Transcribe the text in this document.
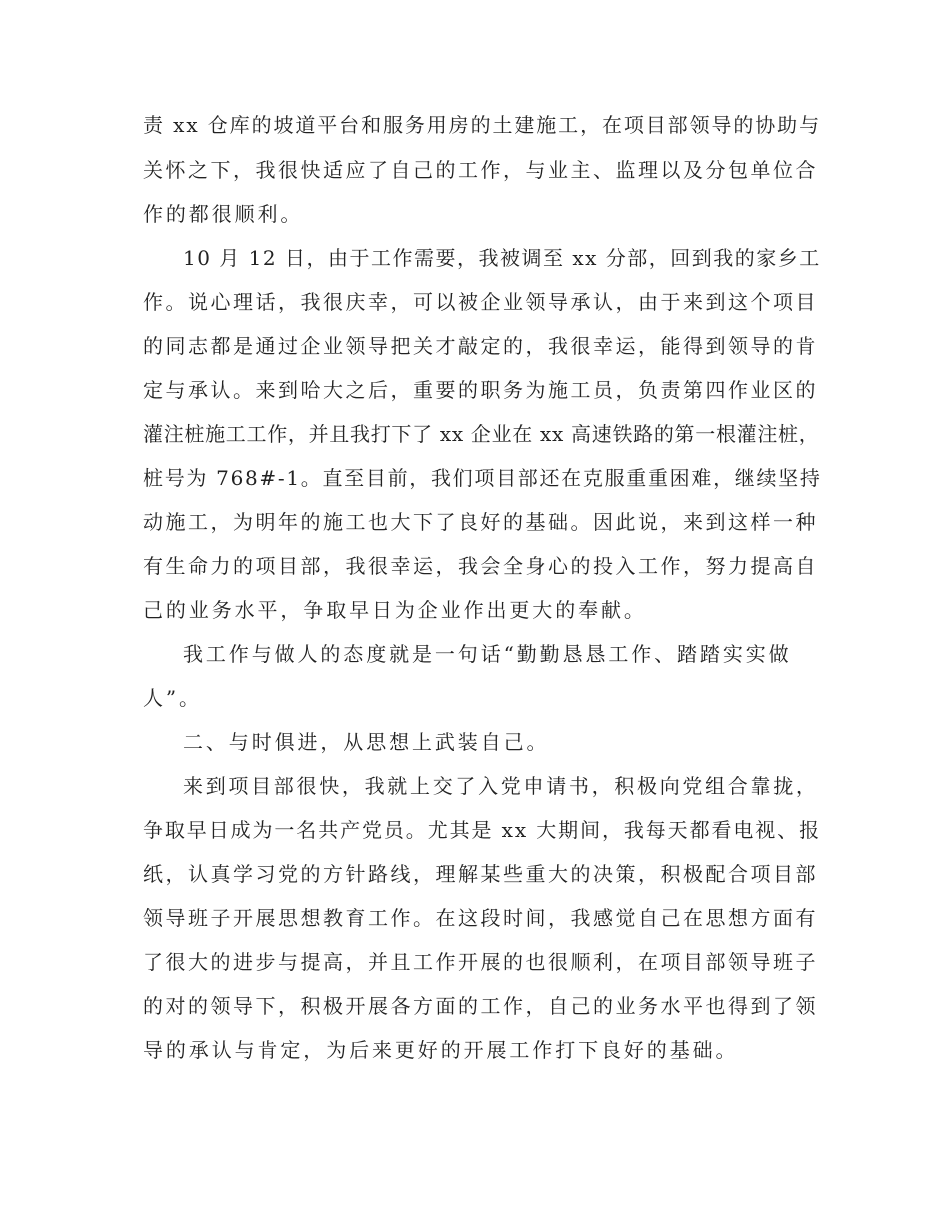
责 xx 仓库的坡道平台和服务用房的土建施工，在项目部领导的协助与
关怀之下，我很快适应了自己的工作，与业主、监理以及分包单位合
作的都很顺利。
10 月 12 日，由于工作需要，我被调至 xx 分部，回到我的家乡工
作。说心理话，我很庆幸，可以被企业领导承认，由于来到这个项目
的同志都是通过企业领导把关才敲定的，我很幸运，能得到领导的肯
定与承认。来到哈大之后，重要的职务为施工员，负责第四作业区的
灌注桩施工工作，并且我打下了 xx 企业在 xx 高速铁路的第一根灌注桩，
桩号为 768#-1。直至目前，我们项目部还在克服重重困难，继续坚持
动施工，为明年的施工也大下了良好的基础。因此说，来到这样一种
有生命力的项目部，我很幸运，我会全身心的投入工作，努力提高自
己的业务水平，争取早日为企业作出更大的奉献。
我工作与做人的态度就是一句话“勤勤恳恳工作、踏踏实实做
人”。
二、与时俱进，从思想上武装自己。
来到项目部很快，我就上交了入党申请书，积极向党组合靠拢，
争取早日成为一名共产党员。尤其是 xx 大期间，我每天都看电视、报
纸，认真学习党的方针路线，理解某些重大的决策，积极配合项目部
领导班子开展思想教育工作。在这段时间，我感觉自己在思想方面有
了很大的进步与提高，并且工作开展的也很顺利，在项目部领导班子
的对的领导下，积极开展各方面的工作，自己的业务水平也得到了领
导的承认与肯定，为后来更好的开展工作打下良好的基础。
